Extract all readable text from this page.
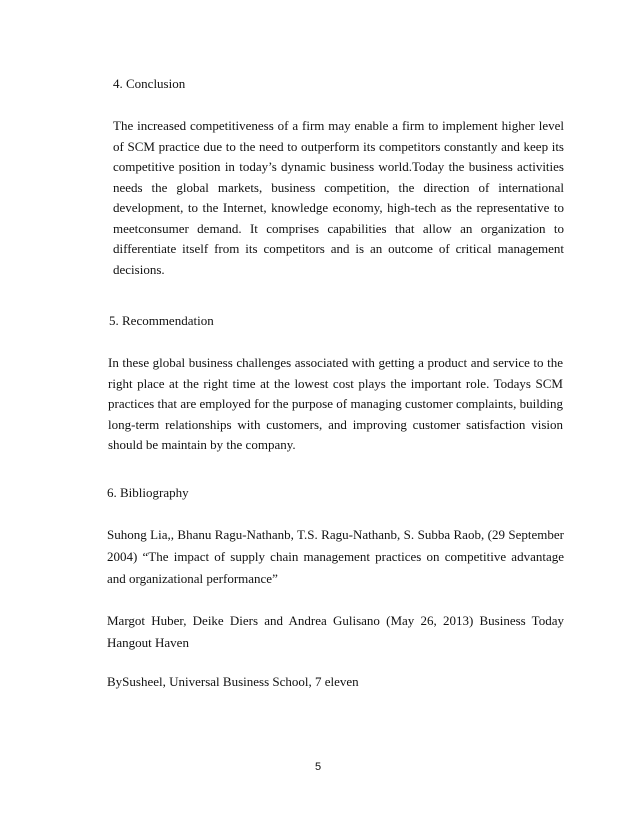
4. Conclusion

The increased competitiveness of a firm may enable a firm to implement higher level of SCM practice due to the need to outperform its competitors constantly and keep its competitive position in today’s dynamic business world.Today the business activities needs the global markets, business competition, the direction of international development, to the Internet, knowledge economy, high-tech as the representative to meetconsumer demand. It comprises capabilities that allow an organization to differentiate itself from its competitors and is an outcome of critical management decisions.

5. Recommendation

In these global business challenges associated with getting a product and service to the right place at the right time at the lowest cost plays the important role. Todays SCM practices that are employed for the purpose of managing customer complaints, building long-term relationships with customers, and improving customer satisfaction vision should be maintain by the company.

6. Bibliography

Suhong Lia,, Bhanu Ragu-Nathanb, T.S. Ragu-Nathanb, S. Subba Raob, (29 September 2004) “The impact of supply chain management practices on competitive advantage and organizational performance”

Margot Huber, Deike Diers and Andrea Gulisano (May 26, 2013) Business Today Hangout Haven

BySusheel, Universal Business School, 7 eleven

5
